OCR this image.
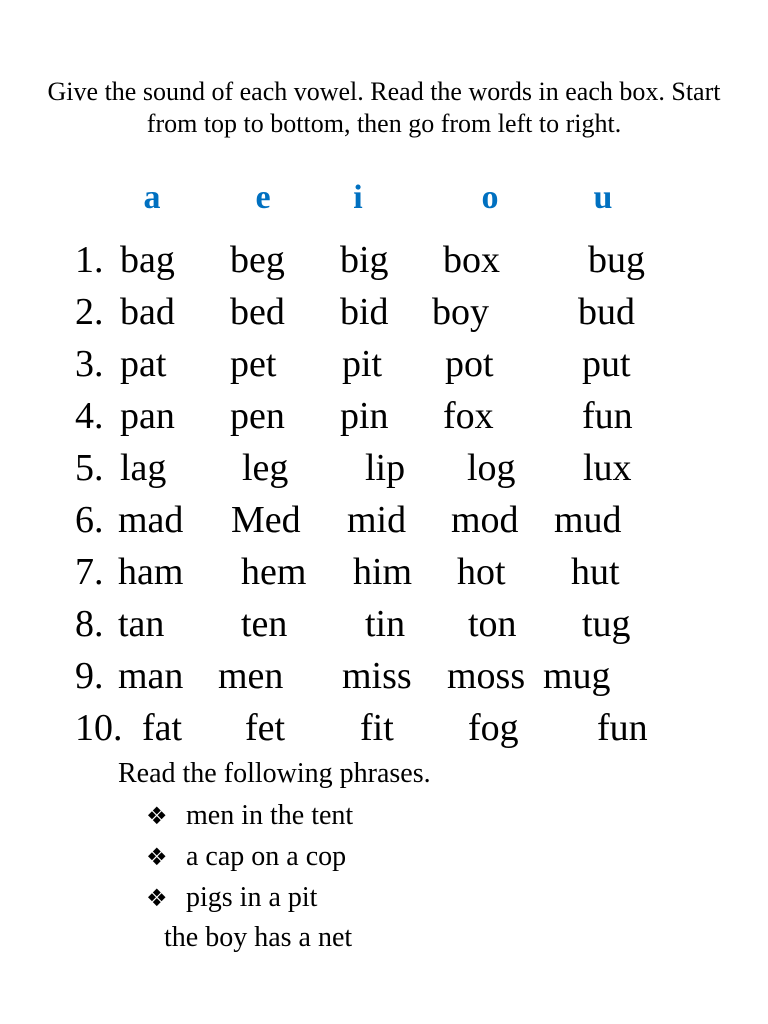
Give the sound of each vowel. Read the words in each box. Start from top to bottom, then go from left to right.
a	e i	o	u
1. bag beg big box bug
2. bad bed bid boy bud
3. pat pet pit pot put
4. pan pen pin fox fun
5. lag leg lip log lux
6. mad Med mid mod mud
7. ham hem him hot hut
8. tan ten tin ton tug
9. man men miss moss mug
10. fat fet fit fog fun
Read the following phrases.
❖ men in the tent
❖ a cap on a cop
❖ pigs in a pit
the boy has a net
